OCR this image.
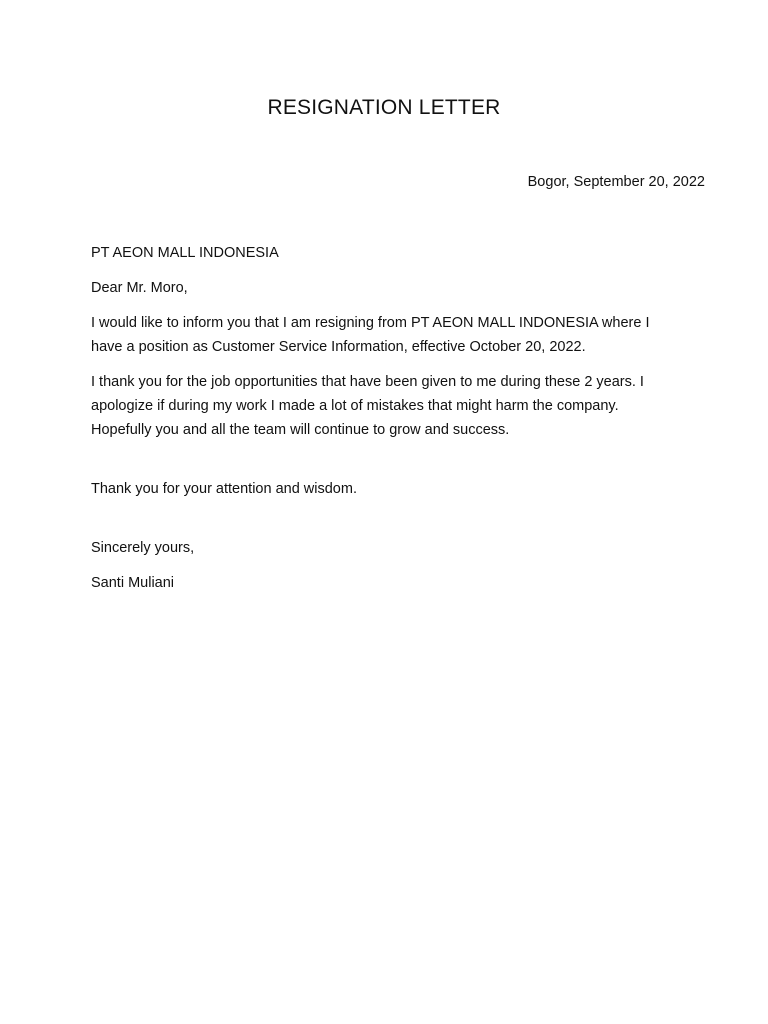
RESIGNATION LETTER

Bogor, September 20, 2022

PT AEON MALL INDONESIA

Dear Mr. Moro,

I would like to inform you that I am resigning from PT AEON MALL INDONESIA where I have a position as Customer Service Information, effective October 20, 2022.

I thank you for the job opportunities that have been given to me during these 2 years. I apologize if during my work I made a lot of mistakes that might harm the company. Hopefully you and all the team will continue to grow and success.

Thank you for your attention and wisdom.

Sincerely yours,

Santi Muliani
